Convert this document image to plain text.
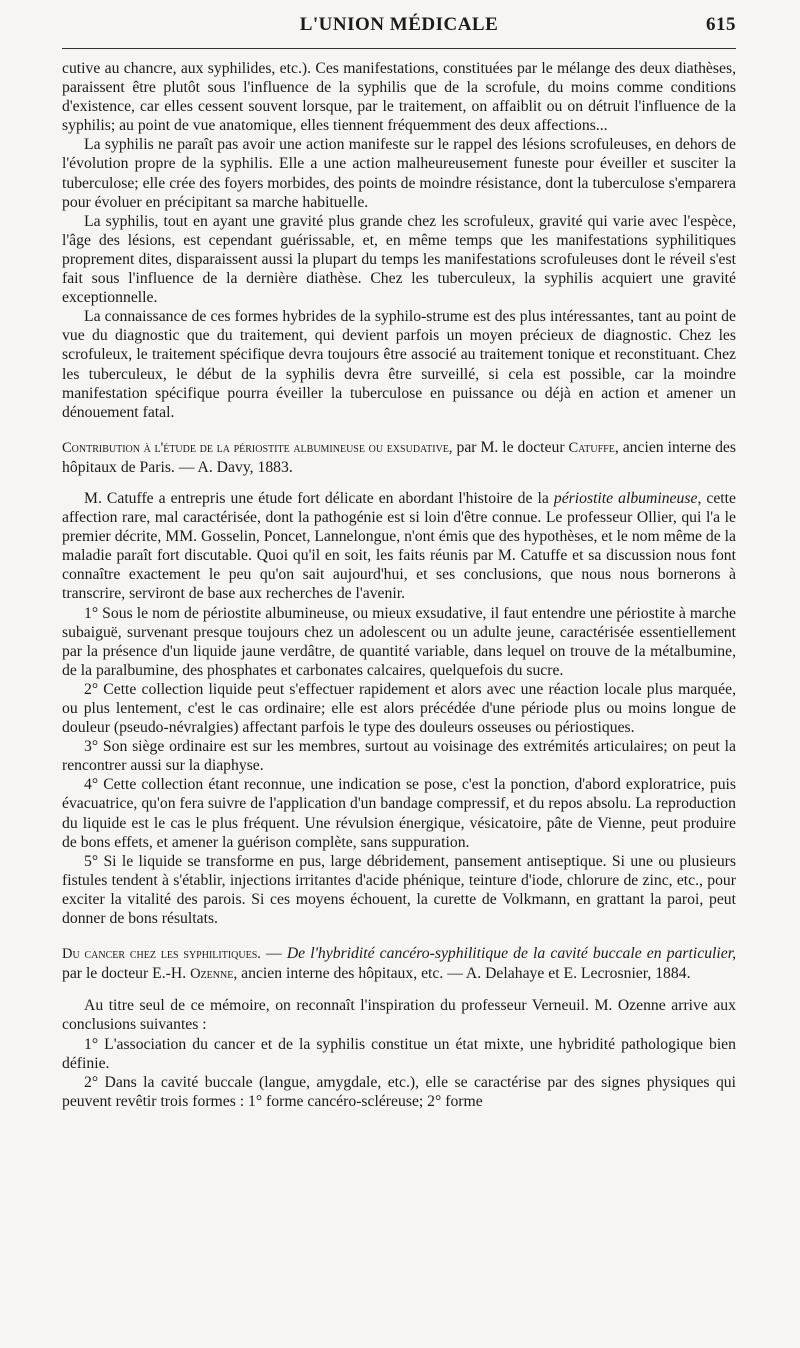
L'UNION MÉDICALE	615

cutive au chancre, aux syphilides, etc.). Ces manifestations, constituées par le mélange des deux diathèses, paraissent être plutôt sous l'influence de la syphilis que de la scrofule, du moins comme conditions d'existence, car elles cessent souvent lorsque, par le traitement, on affaiblit ou on détruit l'influence de la syphilis; au point de vue anatomique, elles tiennent fréquemment des deux affections...

La syphilis ne paraît pas avoir une action manifeste sur le rappel des lésions scrofuleuses, en dehors de l'évolution propre de la syphilis. Elle a une action malheureusement funeste pour éveiller et susciter la tuberculose; elle crée des foyers morbides, des points de moindre résistance, dont la tuberculose s'emparera pour évoluer en précipitant sa marche habituelle.

La syphilis, tout en ayant une gravité plus grande chez les scrofuleux, gravité qui varie avec l'espèce, l'âge des lésions, est cependant guérissable, et, en même temps que les manifestations syphilitiques proprement dites, disparaissent aussi la plupart du temps les manifestations scrofuleuses dont le réveil s'est fait sous l'influence de la dernière diathèse. Chez les tuberculeux, la syphilis acquiert une gravité exceptionnelle.

La connaissance de ces formes hybrides de la syphilo-strume est des plus intéressantes, tant au point de vue du diagnostic que du traitement, qui devient parfois un moyen précieux de diagnostic. Chez les scrofuleux, le traitement spécifique devra toujours être associé au traitement tonique et reconstituant. Chez les tuberculeux, le début de la syphilis devra être surveillé, si cela est possible, car la moindre manifestation spécifique pourra éveiller la tuberculose en puissance ou déjà en action et amener un dénouement fatal.

Contribution à l'étude de la périostite albumineuse ou exsudative, par M. le docteur Catuffe, ancien interne des hôpitaux de Paris. — A. Davy, 1883.

M. Catuffe a entrepris une étude fort délicate en abordant l'histoire de la périostite albumineuse, cette affection rare, mal caractérisée, dont la pathogénie est si loin d'être connue. Le professeur Ollier, qui l'a le premier décrite, MM. Gosselin, Poncet, Lannelongue, n'ont émis que des hypothèses, et le nom même de la maladie paraît fort discutable. Quoi qu'il en soit, les faits réunis par M. Catuffe et sa discussion nous font connaître exactement le peu qu'on sait aujourd'hui, et ses conclusions, que nous nous bornerons à transcrire, serviront de base aux recherches de l'avenir.

1° Sous le nom de périostite albumineuse, ou mieux exsudative, il faut entendre une périostite à marche subaiguë, survenant presque toujours chez un adolescent ou un adulte jeune, caractérisée essentiellement par la présence d'un liquide jaune verdâtre, de quantité variable, dans lequel on trouve de la métalbumine, de la paralbumine, des phosphates et carbonates calcaires, quelquefois du sucre.

2° Cette collection liquide peut s'effectuer rapidement et alors avec une réaction locale plus marquée, ou plus lentement, c'est le cas ordinaire; elle est alors précédée d'une période plus ou moins longue de douleur (pseudo-névralgies) affectant parfois le type des douleurs osseuses ou périostiques.

3° Son siège ordinaire est sur les membres, surtout au voisinage des extrémités articulaires; on peut la rencontrer aussi sur la diaphyse.

4° Cette collection étant reconnue, une indication se pose, c'est la ponction, d'abord exploratrice, puis évacuatrice, qu'on fera suivre de l'application d'un bandage compressif, et du repos absolu. La reproduction du liquide est le cas le plus fréquent. Une révulsion énergique, vésicatoire, pâte de Vienne, peut produire de bons effets, et amener la guérison complète, sans suppuration.

5° Si le liquide se transforme en pus, large débridement, pansement antiseptique. Si une ou plusieurs fistules tendent à s'établir, injections irritantes d'acide phénique, teinture d'iode, chlorure de zinc, etc., pour exciter la vitalité des parois. Si ces moyens échouent, la curette de Volkmann, en grattant la paroi, peut donner de bons résultats.

Du cancer chez les syphilitiques. — De l'hybridité cancéro-syphilitique de la cavité buccale en particulier, par le docteur E.-H. Ozenne, ancien interne des hôpitaux, etc. — A. Delahaye et E. Lecrosnier, 1884.

Au titre seul de ce mémoire, on reconnaît l'inspiration du professeur Verneuil. M. Ozenne arrive aux conclusions suivantes :

1° L'association du cancer et de la syphilis constitue un état mixte, une hybridité pathologique bien définie.

2° Dans la cavité buccale (langue, amygdale, etc.), elle se caractérise par des signes physiques qui peuvent revêtir trois formes : 1° forme cancéro-scléreuse; 2° forme
